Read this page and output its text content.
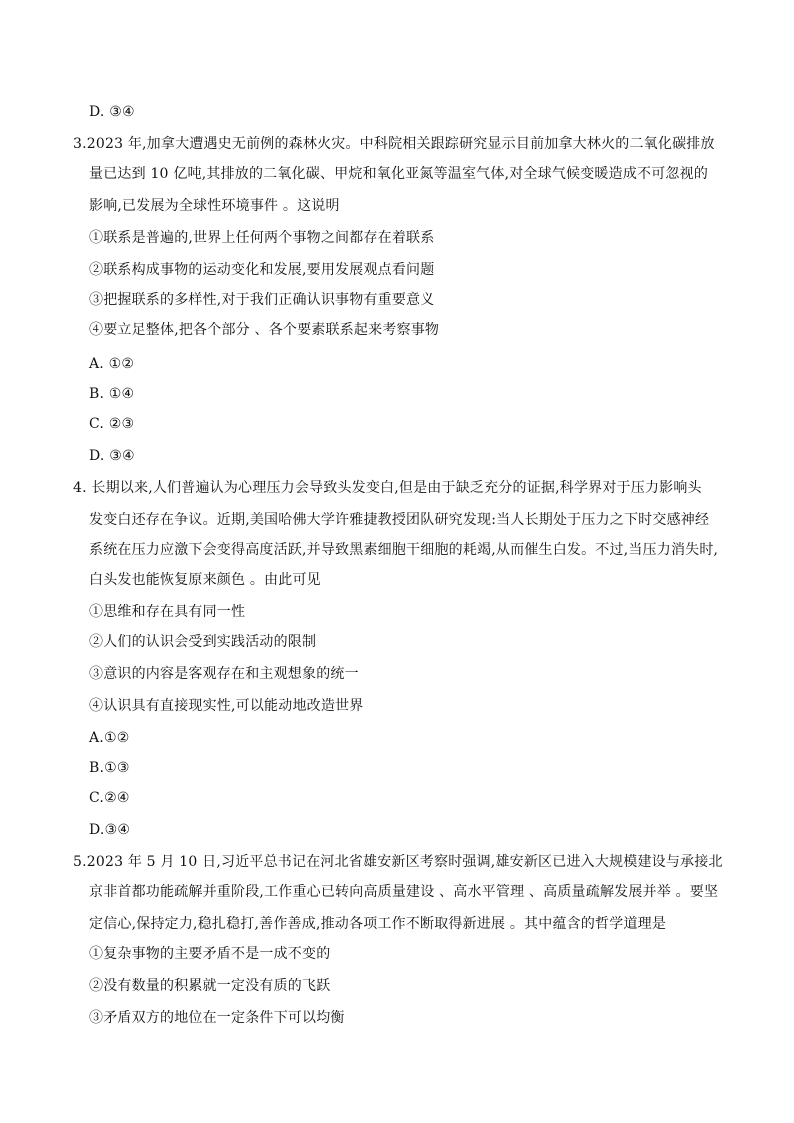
D. ③④
3.2023 年,加拿大遭遇史无前例的森林火灾。中科院相关跟踪研究显示目前加拿大林火的二氧化碳排放
量已达到 10 亿吨,其排放的二氧化碳、甲烷和氧化亚氮等温室气体,对全球气候变暖造成不可忽视的
影响,已发展为全球性环境事件 。这说明
①联系是普遍的,世界上任何两个事物之间都存在着联系
②联系构成事物的运动变化和发展,要用发展观点看问题
③把握联系的多样性,对于我们正确认识事物有重要意义
④要立足整体,把各个部分 、各个要素联系起来考察事物
A. ①②
B. ①④
C. ②③
D. ③④
4. 长期以来,人们普遍认为心理压力会导致头发变白,但是由于缺乏充分的证据,科学界对于压力影响头
发变白还存在争议。近期,美国哈佛大学许雅捷教授团队研究发现:当人长期处于压力之下时交感神经
系统在压力应激下会变得高度活跃,并导致黑素细胞干细胞的耗竭,从而催生白发。不过,当压力消失时,
白头发也能恢复原来颜色 。由此可见
①思维和存在具有同一性
②人们的认识会受到实践活动的限制
③意识的内容是客观存在和主观想象的统一
④认识具有直接现实性,可以能动地改造世界
A.①②
B.①③
C.②④
D.③④
5.2023 年 5 月 10 日,习近平总书记在河北省雄安新区考察时强调,雄安新区已进入大规模建设与承接北
京非首都功能疏解并重阶段,工作重心已转向高质量建设 、高水平管理 、高质量疏解发展并举 。要坚
定信心,保持定力,稳扎稳打,善作善成,推动各项工作不断取得新进展 。其中蕴含的哲学道理是
①复杂事物的主要矛盾不是一成不变的
②没有数量的积累就一定没有质的飞跃
③矛盾双方的地位在一定条件下可以均衡
